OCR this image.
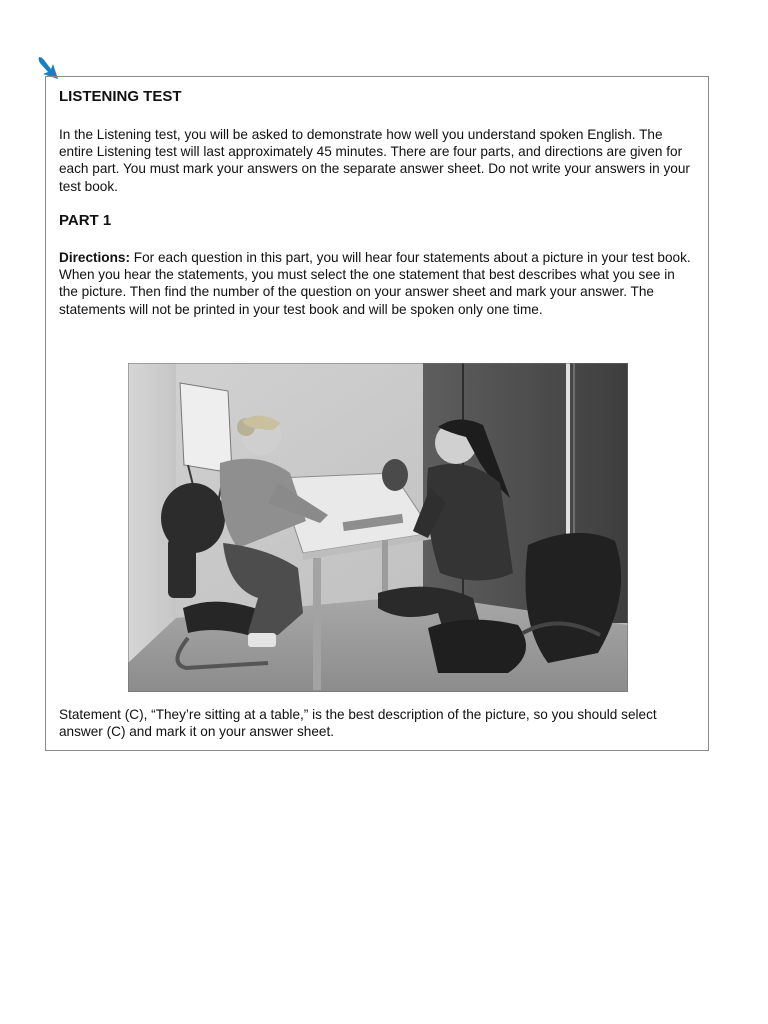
LISTENING TEST

In the Listening test, you will be asked to demonstrate how well you understand spoken English. The entire Listening test will last approximately 45 minutes. There are four parts, and directions are given for each part. You must mark your answers on the separate answer sheet. Do not write your answers in your test book.

PART 1

Directions: For each question in this part, you will hear four statements about a picture in your test book. When you hear the statements, you must select the one statement that best describes what you see in the picture. Then find the number of the question on your answer sheet and mark your answer. The statements will not be printed in your test book and will be spoken only one time.

Statement (C), “They’re sitting at a table,” is the best description of the picture, so you should select answer (C) and mark it on your answer sheet.
